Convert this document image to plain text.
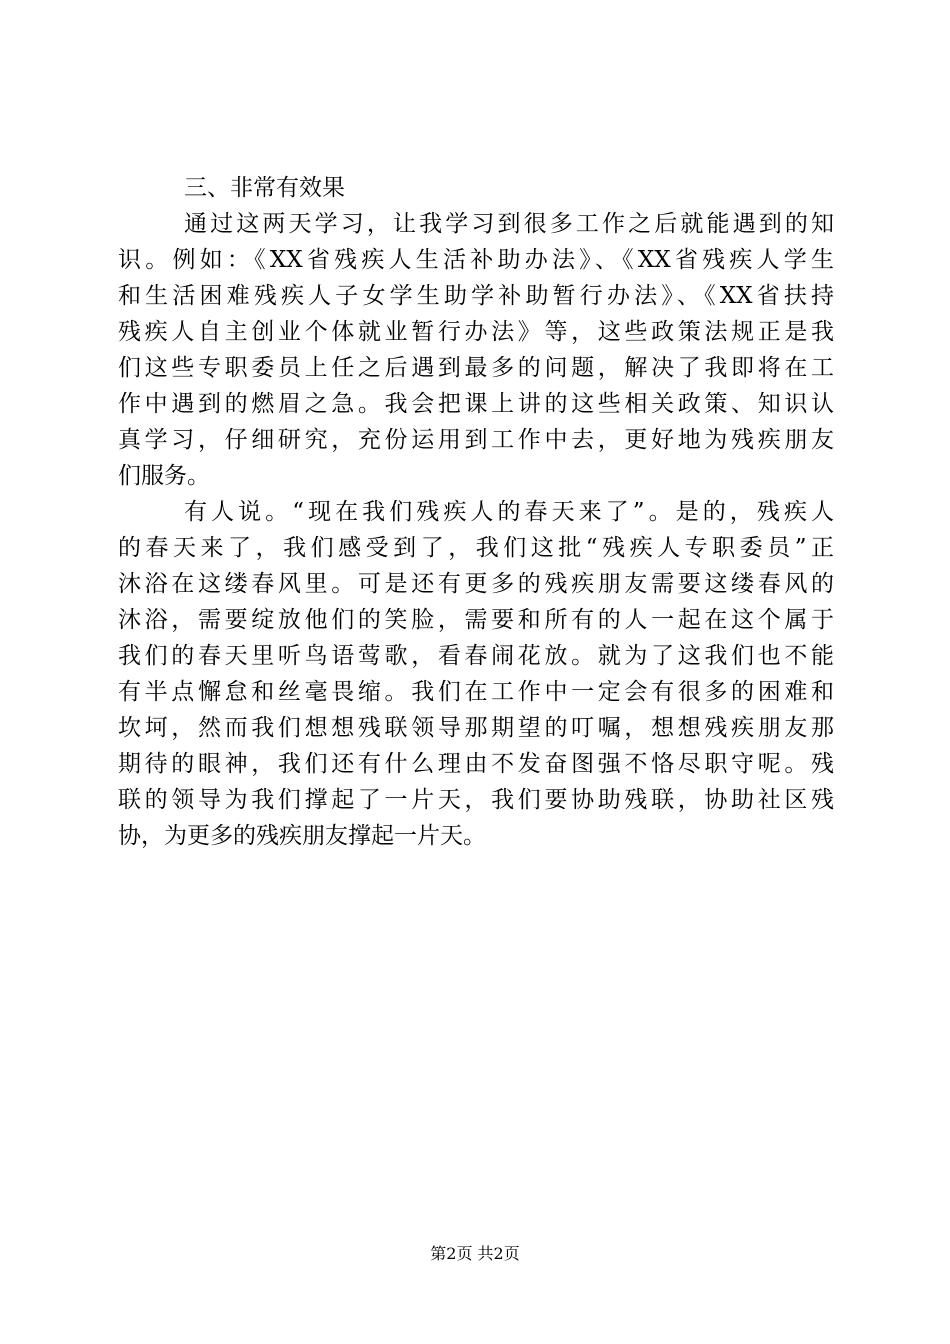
三、非常有效果
通过这两天学习，让我学习到很多工作之后就能遇到的知
识。例如：《XX省残疾人生活补助办法》、《XX省残疾人学生
和生活困难残疾人子女学生助学补助暂行办法》、《XX省扶持
残疾人自主创业个体就业暂行办法》等，这些政策法规正是我
们这些专职委员上任之后遇到最多的问题，解决了我即将在工
作中遇到的燃眉之急。我会把课上讲的这些相关政策、知识认
真学习，仔细研究，充份运用到工作中去，更好地为残疾朋友
们服务。
有人说。“现在我们残疾人的春天来了”。是的，残疾人
的春天来了，我们感受到了，我们这批“残疾人专职委员”正
沐浴在这缕春风里。可是还有更多的残疾朋友需要这缕春风的
沐浴，需要绽放他们的笑脸，需要和所有的人一起在这个属于
我们的春天里听鸟语莺歌，看春闹花放。就为了这我们也不能
有半点懈怠和丝毫畏缩。我们在工作中一定会有很多的困难和
坎坷，然而我们想想残联领导那期望的叮嘱，想想残疾朋友那
期待的眼神，我们还有什么理由不发奋图强不恪尽职守呢。残
联的领导为我们撑起了一片天，我们要协助残联，协助社区残
协，为更多的残疾朋友撑起一片天。
第2页 共2页
